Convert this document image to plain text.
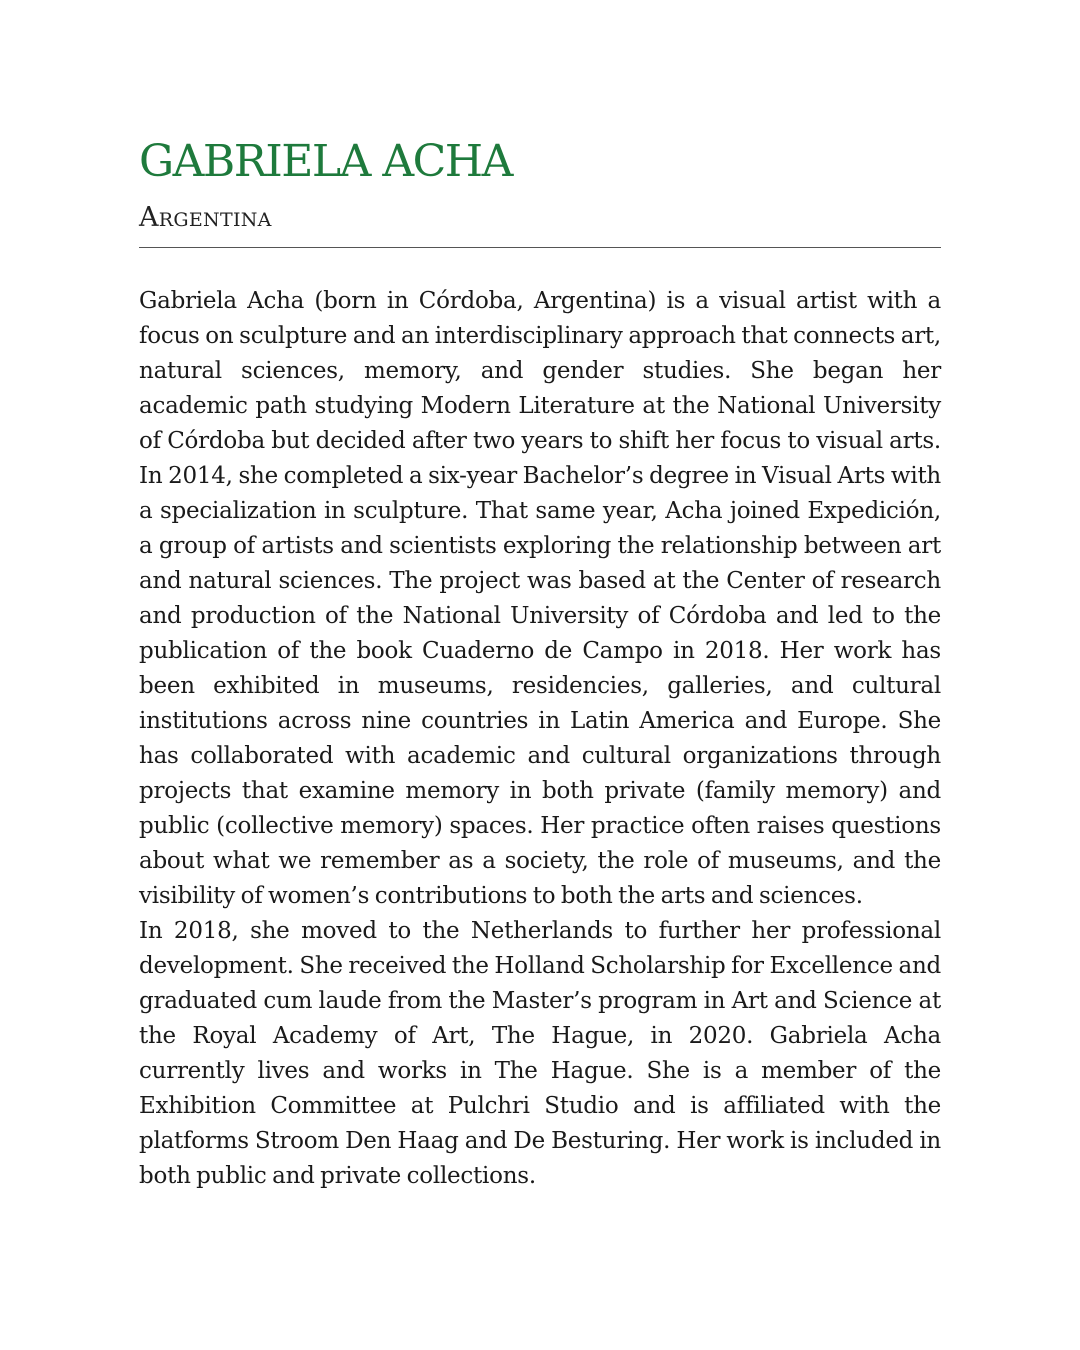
GABRIELA ACHA
Argentina

Gabriela Acha (born in Córdoba, Argentina) is a visual artist with a focus on sculpture and an interdisciplinary approach that connects art, natural sciences, memory, and gender studies. She began her academic path studying Modern Literature at the National University of Córdoba but decided after two years to shift her focus to visual arts. In 2014, she completed a six-year Bachelor’s degree in Visual Arts with a specialization in sculpture. That same year, Acha joined Expedición, a group of artists and scientists exploring the relationship between art and natural sciences. The project was based at the Center of research and production of the National University of Córdoba and led to the publication of the book Cuaderno de Campo in 2018. Her work has been exhibited in museums, residencies, galleries, and cultural institutions across nine countries in Latin America and Europe. She has collaborated with academic and cultural organizations through projects that examine memory in both private (family memory) and public (collective memory) spaces. Her practice often raises questions about what we remember as a society, the role of museums, and the visibility of women’s contributions to both the arts and sciences.

In 2018, she moved to the Netherlands to further her professional development. She received the Holland Scholarship for Excellence and graduated cum laude from the Master’s program in Art and Science at the Royal Academy of Art, The Hague, in 2020. Gabriela Acha currently lives and works in The Hague. She is a member of the Exhibition Committee at Pulchri Studio and is affiliated with the platforms Stroom Den Haag and De Besturing. Her work is included in both public and private collections.
